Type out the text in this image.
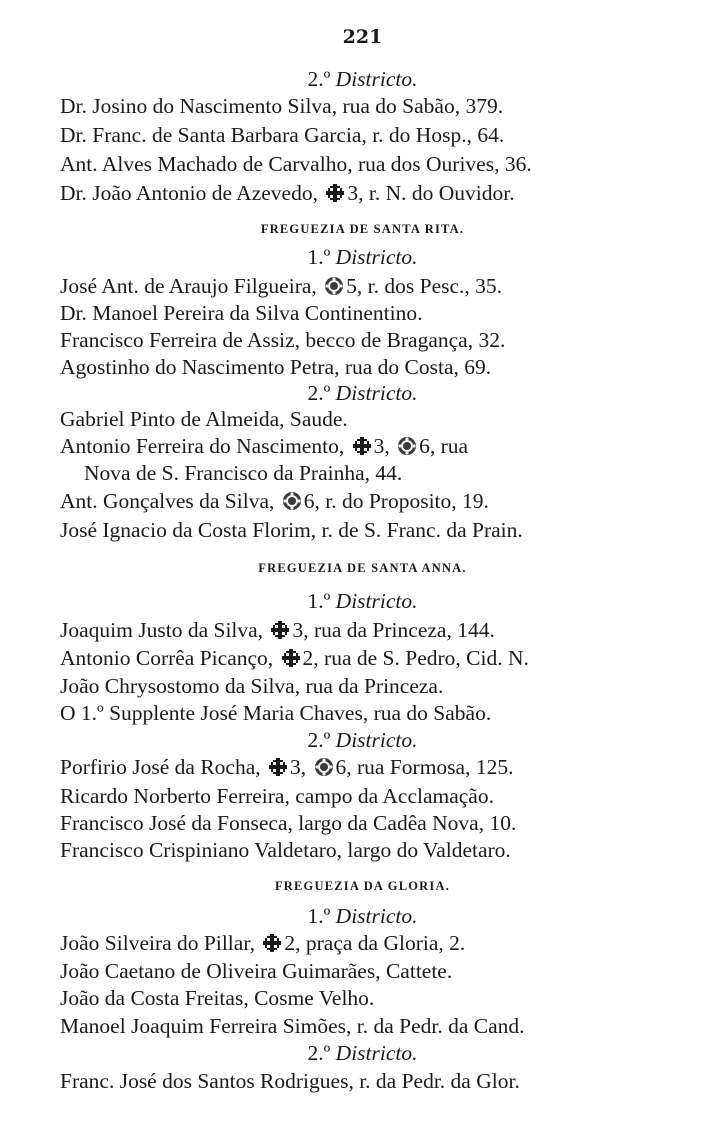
221
2.º Districto.
Dr. Josino do Nascimento Silva, rua do Sabão, 379.
Dr. Franc. de Santa Barbara Garcia, r. do Hosp., 64.
Ant. Alves Machado de Carvalho, rua dos Ourives, 36.
Dr. João Antonio de Azevedo, 3, r. N. do Ouvidor.
FREGUEZIA DE SANTA RITA.
1.º Districto.
José Ant. de Araujo Filgueira, 5, r. dos Pesc., 35.
Dr. Manoel Pereira da Silva Continentino.
Francisco Ferreira de Assiz, becco de Bragança, 32.
Agostinho do Nascimento Petra, rua do Costa, 69.
2.º Districto.
Gabriel Pinto de Almeida, Saude.
Antonio Ferreira do Nascimento, 3, 6, rua
Nova de S. Francisco da Prainha, 44.
Ant. Gonçalves da Silva, 6, r. do Proposito, 19.
José Ignacio da Costa Florim, r. de S. Franc. da Prain.
FREGUEZIA DE SANTA ANNA.
1.º Districto.
Joaquim Justo da Silva, 3, rua da Princeza, 144.
Antonio Corrêa Picanço, 2, rua de S. Pedro, Cid. N.
João Chrysostomo da Silva, rua da Princeza.
O 1.º Supplente José Maria Chaves, rua do Sabão.
2.º Districto.
Porfirio José da Rocha, 3, 6, rua Formosa, 125.
Ricardo Norberto Ferreira, campo da Acclamação.
Francisco José da Fonseca, largo da Cadêa Nova, 10.
Francisco Crispiniano Valdetaro, largo do Valdetaro.
FREGUEZIA DA GLORIA.
1.º Districto.
João Silveira do Pillar, 2, praça da Gloria, 2.
João Caetano de Oliveira Guimarães, Cattete.
João da Costa Freitas, Cosme Velho.
Manoel Joaquim Ferreira Simões, r. da Pedr. da Cand.
2.º Districto.
Franc. José dos Santos Rodrigues, r. da Pedr. da Glor.
